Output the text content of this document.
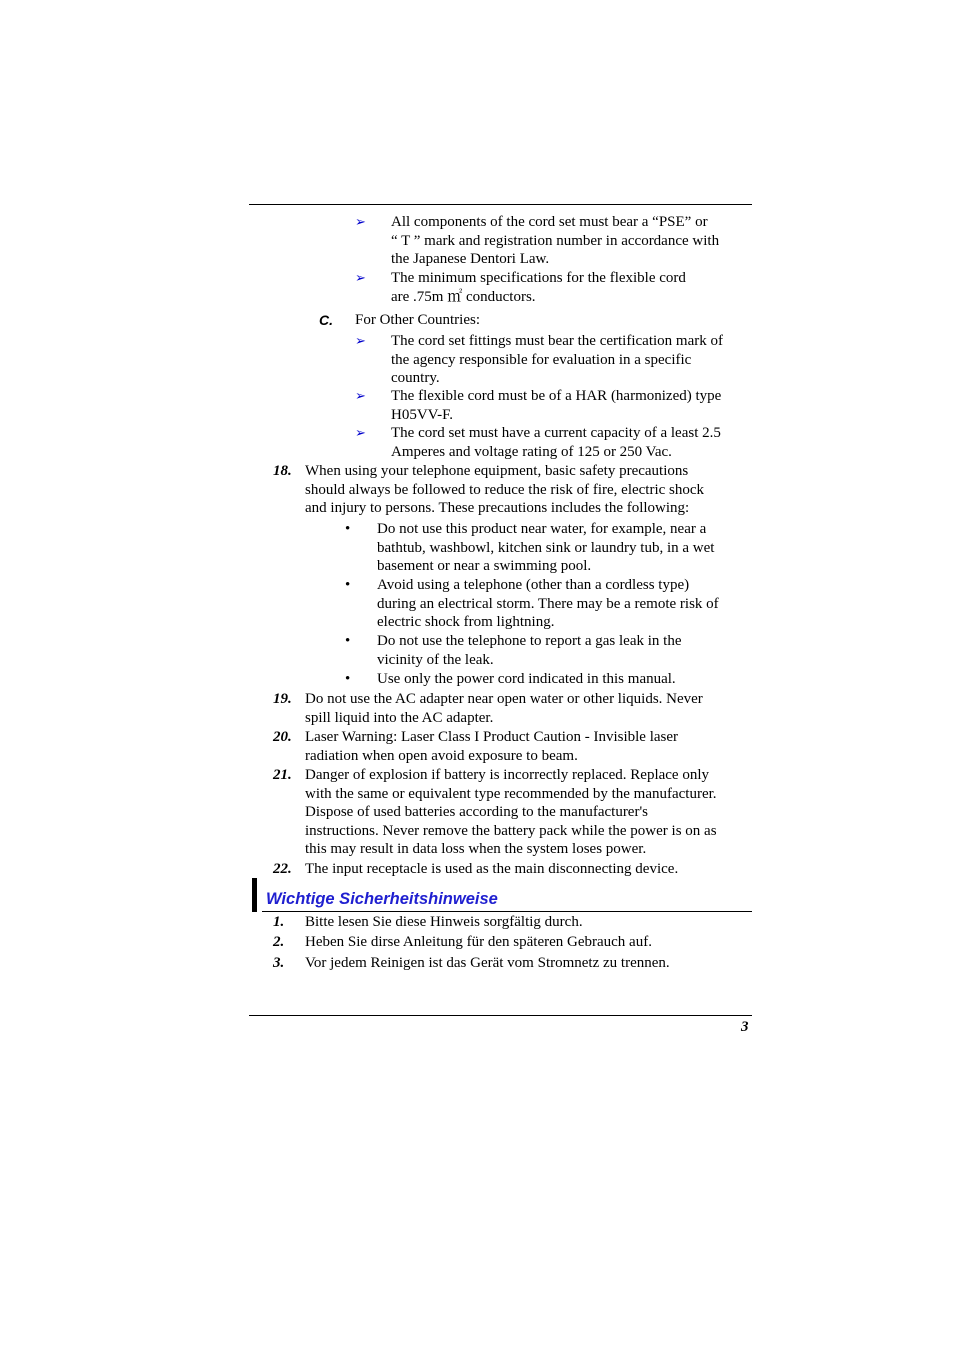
➢ All components of the cord set must bear a “PSE” or
“ T ” mark and registration number in accordance with
the Japanese Dentori Law.
➢ The minimum specifications for the flexible cord
are .75m ㎡ conductors.
C. For Other Countries:
➢ The cord set fittings must bear the certification mark of
the agency responsible for evaluation in a specific
country.
➢ The flexible cord must be of a HAR (harmonized) type
H05VV-F.
➢ The cord set must have a current capacity of a least 2.5
Amperes and voltage rating of 125 or 250 Vac.
18. When using your telephone equipment, basic safety precautions
should always be followed to reduce the risk of fire, electric shock
and injury to persons. These precautions includes the following:
• Do not use this product near water, for example, near a
bathtub, washbowl, kitchen sink or laundry tub, in a wet
basement or near a swimming pool.
• Avoid using a telephone (other than a cordless type)
during an electrical storm. There may be a remote risk of
electric shock from lightning.
• Do not use the telephone to report a gas leak in the
vicinity of the leak.
• Use only the power cord indicated in this manual.
19. Do not use the AC adapter near open water or other liquids. Never
spill liquid into the AC adapter.
20. Laser Warning: Laser Class I Product Caution - Invisible laser
radiation when open avoid exposure to beam.
21. Danger of explosion if battery is incorrectly replaced. Replace only
with the same or equivalent type recommended by the manufacturer.
Dispose of used batteries according to the manufacturer's
instructions. Never remove the battery pack while the power is on as
this may result in data loss when the system loses power.
22. The input receptacle is used as the main disconnecting device.
Wichtige Sicherheitshinweise
1. Bitte lesen Sie diese Hinweis sorgfältig durch.
2. Heben Sie dirse Anleitung für den späteren Gebrauch auf.
3. Vor jedem Reinigen ist das Gerät vom Stromnetz zu trennen.
3
